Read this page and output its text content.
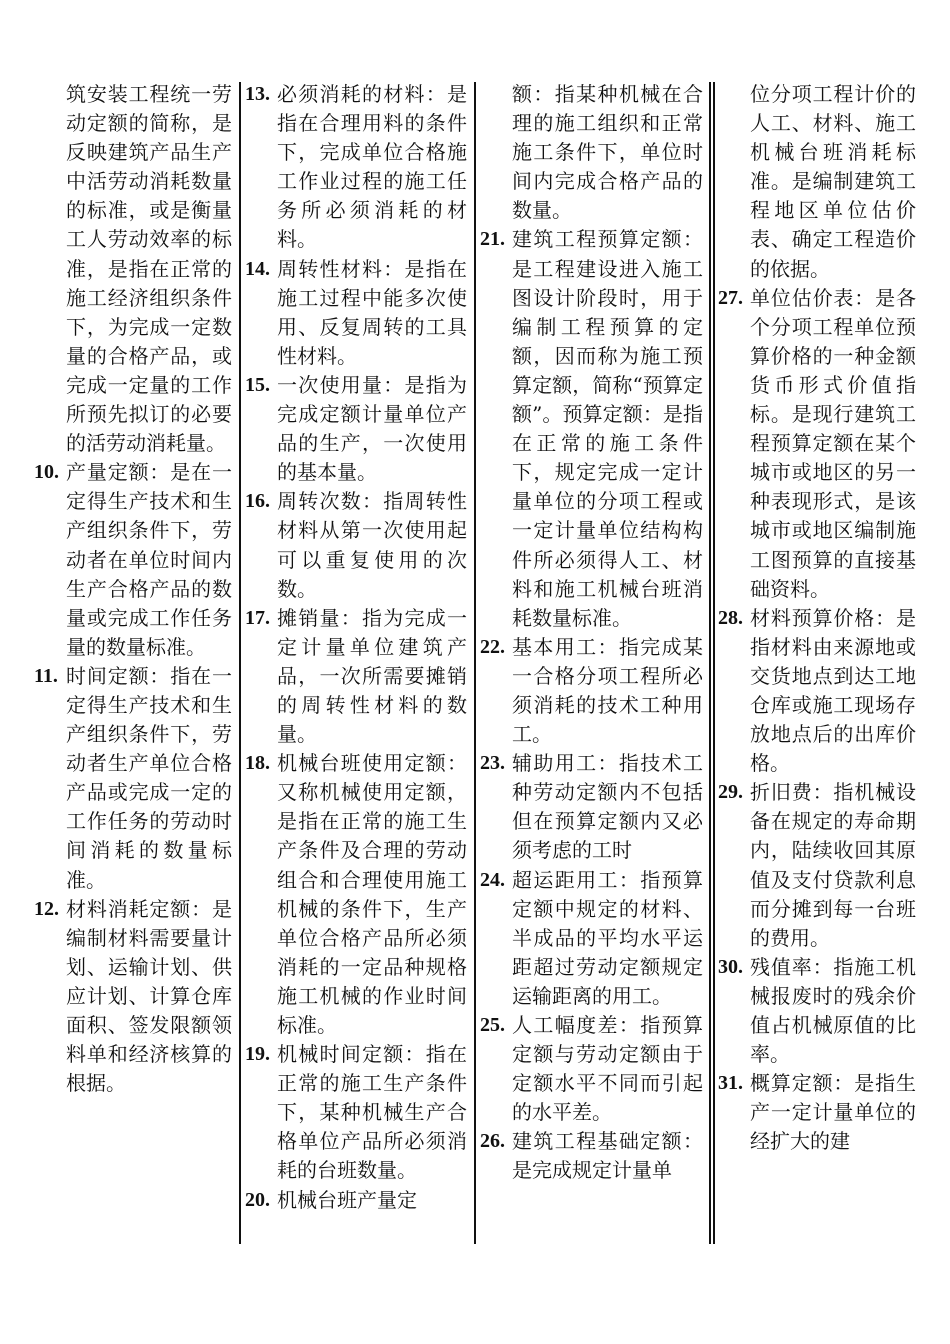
筑安装工程统一劳动定额的简称，是反映建筑产品生产中活劳动消耗数量的标准，或是衡量工人劳动效率的标准，是指在正常的施工经济组织条件下，为完成一定数量的合格产品，或完成一定量的工作所预先拟订的必要的活劳动消耗量。
10. 产量定额：是在一定得生产技术和生产组织条件下，劳动者在单位时间内生产合格产品的数量或完成工作任务量的数量标准。
11. 时间定额：指在一定得生产技术和生产组织条件下，劳动者生产单位合格产品或完成一定的工作任务的劳动时间消耗的数量标准。
12. 材料消耗定额：是编制材料需要量计划、运输计划、供应计划、计算仓库面积、签发限额领料单和经济核算的根据。
13. 必须消耗的材料：是指在合理用料的条件下，完成单位合格施工作业过程的施工任务所必须消耗的材料。
14. 周转性材料：是指在施工过程中能多次使用、反复周转的工具性材料。
15. 一次使用量：是指为完成定额计量单位产品的生产，一次使用的基本量。
16. 周转次数：指周转性材料从第一次使用起可以重复使用的次数。
17. 摊销量：指为完成一定计量单位建筑产品，一次所需要摊销的周转性材料的数量。
18. 机械台班使用定额：又称机械使用定额，是指在正常的施工生产条件及合理的劳动组合和合理使用施工机械的条件下，生产单位合格产品所必须消耗的一定品种规格施工机械的作业时间标准。
19. 机械时间定额：指在正常的施工生产条件下，某种机械生产合格单位产品所必须消耗的台班数量。
20. 机械台班产量定
额：指某种机械在合理的施工组织和正常施工条件下，单位时间内完成合格产品的数量。
21. 建筑工程预算定额：是工程建设进入施工图设计阶段时，用于编制工程预算的定额，因而称为施工预算定额，简称“预算定额”。预算定额：是指在正常的施工条件下，规定完成一定计量单位的分项工程或一定计量单位结构构件所必须得人工、材料和施工机械台班消耗数量标准。
22. 基本用工：指完成某一合格分项工程所必须消耗的技术工种用工。
23. 辅助用工：指技术工种劳动定额内不包括但在预算定额内又必须考虑的工时
24. 超运距用工：指预算定额中规定的材料、半成品的平均水平运距超过劳动定额规定运输距离的用工。
25. 人工幅度差：指预算定额与劳动定额由于定额水平不同而引起的水平差。
26. 建筑工程基础定额：是完成规定计量单
位分项工程计价的人工、材料、施工机械台班消耗标准。是编制建筑工程地区单位估价表、确定工程造价的依据。
27. 单位估价表：是各个分项工程单位预算价格的一种金额货币形式价值指标。是现行建筑工程预算定额在某个城市或地区的另一种表现形式，是该城市或地区编制施工图预算的直接基础资料。
28. 材料预算价格：是指材料由来源地或交货地点到达工地仓库或施工现场存放地点后的出库价格。
29. 折旧费：指机械设备在规定的寿命期内，陆续收回其原值及支付贷款利息而分摊到每一台班的费用。
30. 残值率：指施工机械报废时的残余价值占机械原值的比率。
31. 概算定额：是指生产一定计量单位的经扩大的建
